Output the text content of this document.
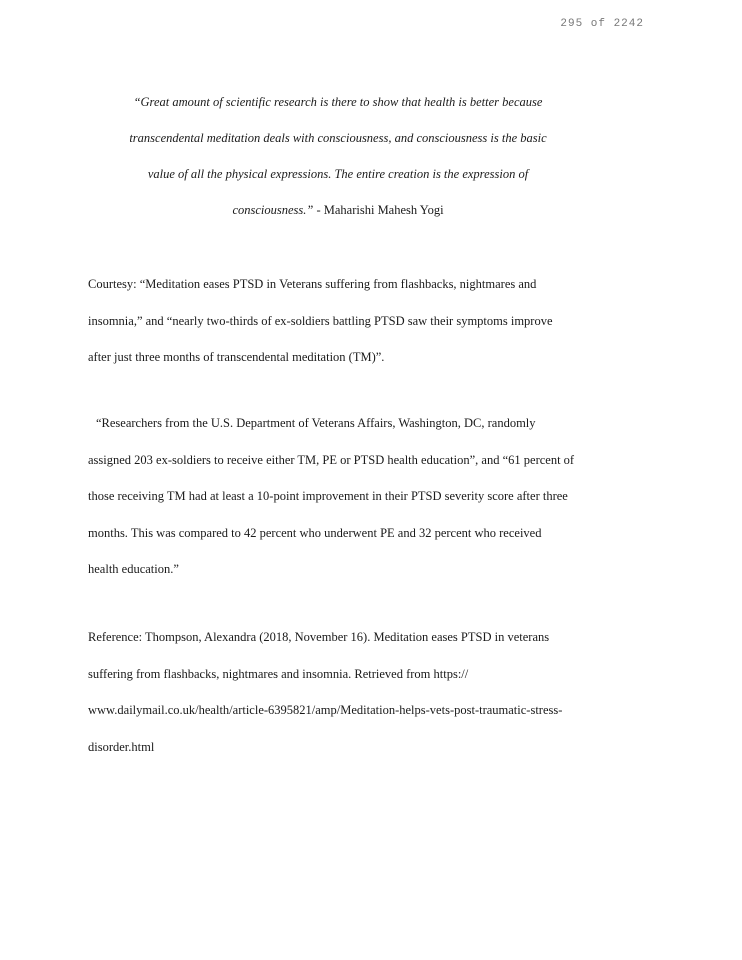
295 of 2242
“Great amount of scientific research is there to show that health is better because
transcendental meditation deals with consciousness, and consciousness is the basic
value of all the physical expressions. The entire creation is the expression of
consciousness.” - Maharishi Mahesh Yogi

Courtesy: “Meditation eases PTSD in Veterans suffering from flashbacks, nightmares and
insomnia,” and “nearly two-thirds of ex-soldiers battling PTSD saw their symptoms improve
after just three months of transcendental meditation (TM)”.

“Researchers from the U.S. Department of Veterans Affairs, Washington, DC, randomly
assigned 203 ex-soldiers to receive either TM, PE or PTSD health education”, and “61 percent of
those receiving TM had at least a 10-point improvement in their PTSD severity score after three
months. This was compared to 42 percent who underwent PE and 32 percent who received
health education.”

Reference: Thompson, Alexandra (2018, November 16). Meditation eases PTSD in veterans
suffering from flashbacks, nightmares and insomnia. Retrieved from https://
www.dailymail.co.uk/health/article-6395821/amp/Meditation-helps-vets-post-traumatic-stress-
disorder.html
